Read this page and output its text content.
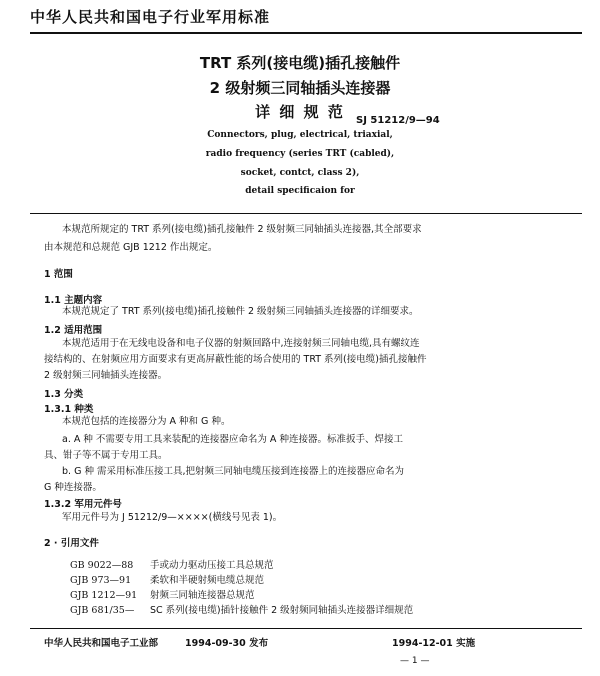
中华人民共和国电子行业军用标准
TRT 系列(接电缆)插孔接触件
2 级射频三同轴插头连接器
详 细 规 范	SJ 51212/9—94
Connectors, plug, electrical, triaxial,
radio frequency (series TRT (cabled),
socket, contct, class 2),
detail specificaion for
本规范所规定的 TRT 系列(接电缆)插孔接触件 2 级射频三同轴插头连接器,其全部要求
由本规范和总规范 GJB 1212 作出规定。
1 范围
1.1 主题内容
本规范规定了 TRT 系列(接电缆)插孔接触件 2 级射频三同轴插头连接器的详细要求。
1.2 适用范围
本规范适用于在无线电设备和电子仪器的射频回路中,连接射频三同轴电缆,具有螺纹连
接结构的、在射频应用方面要求有更高屏蔽性能的场合使用的 TRT 系列(接电缆)插孔接触件
2 级射频三同轴插头连接器。
1.3 分类
1.3.1 种类
本规范包括的连接器分为 A 种和 G 种。
a. A 种 不需要专用工具来装配的连接器应命名为 A 种连接器。标准扳手、焊接工
具、钳子等不属于专用工具。
b. G 种 需采用标准压接工具,把射频三同轴电缆压接到连接器上的连接器应命名为
G 种连接器。
1.3.2 军用元件号
军用元件号为 J 51212/9—××××(横线号见表 1)。
2 · 引用文件
GB 9022—88 手或动力驱动压接工具总规范
GJB 973—91 柔软和半硬射频电缆总规范
GJB 1212—91 射频三同轴连接器总规范
GJB 681/35— SC 系列(接电缆)插针接触件 2 级射频同轴插头连接器详细规范
中华人民共和国电子工业部	1994-09-30 发布	1994-12-01 实施
— 1 —
